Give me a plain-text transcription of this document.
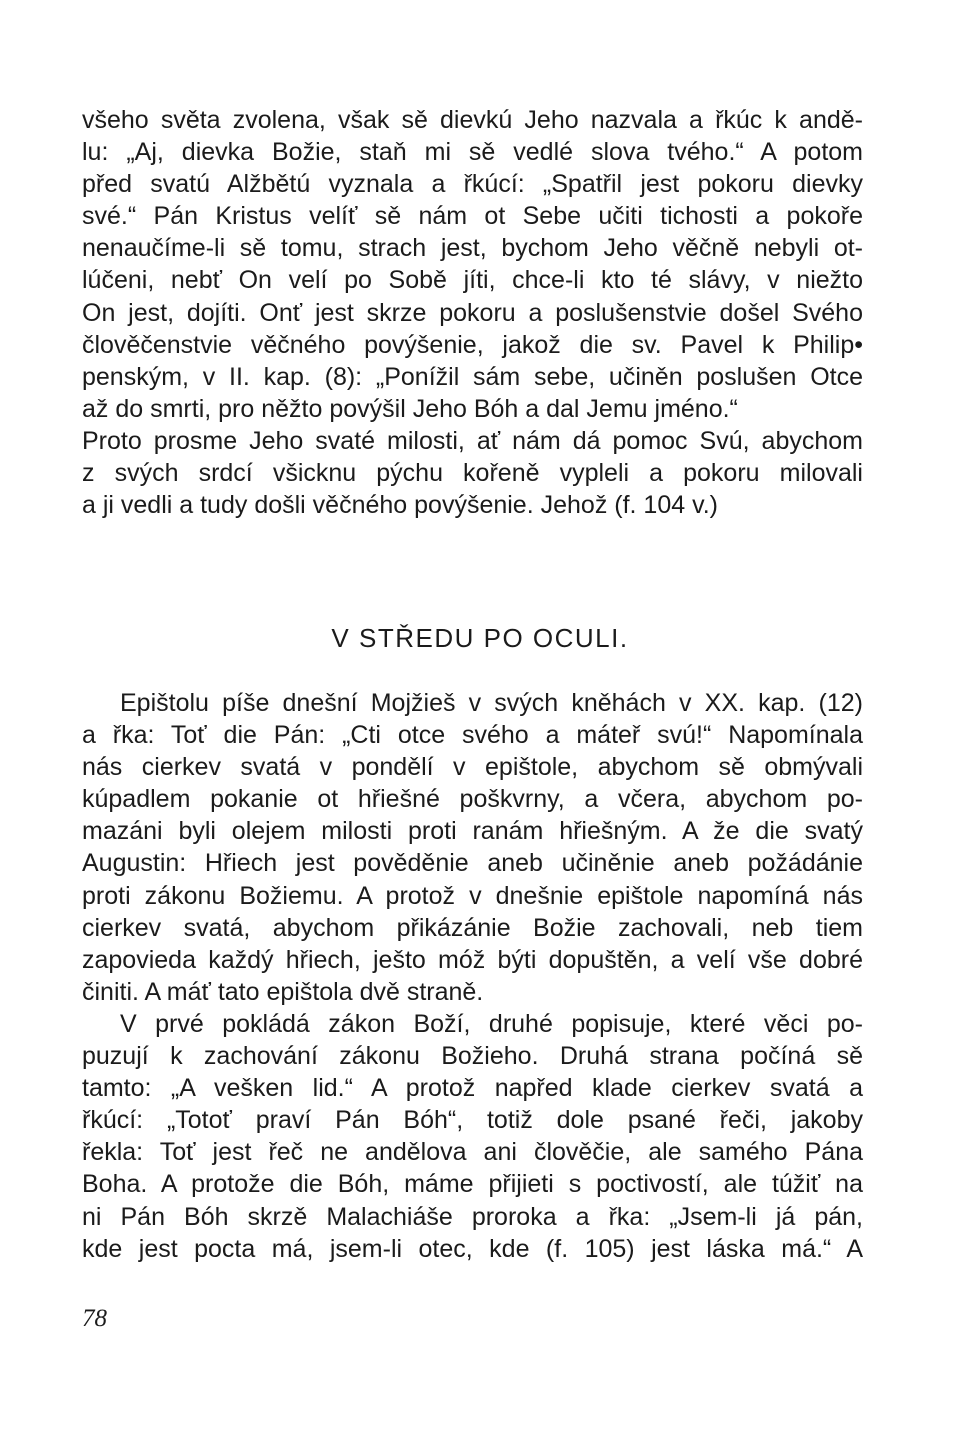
všeho světa zvolena, však sě dievkú Jeho nazvala a řkúc k andě-
lu: „Aj, dievka Božie, staň mi sě vedlé slova tvého.“ A potom
před svatú Alžbětú vyznala a řkúcí: „Spatřil jest pokoru dievky
své.“ Pán Kristus velíť sě nám ot Sebe učiti tichosti a pokoře
nenaučíme-li sě tomu, strach jest, bychom Jeho věčně nebyli ot-
lúčeni, nebť On velí po Sobě jíti, chce-li kto té slávy, v niežto
On jest, dojíti. Onť jest skrze pokoru a poslušenstvie došel Svého
člověčenstvie věčného povýšenie, jakož die sv. Pavel k Philip•
penským, v II. kap. (8): „Ponížil sám sebe, učiněn poslušen Otce
až do smrti, pro něžto povýšil Jeho Bóh a dal Jemu jméno.“
Proto prosme Jeho svaté milosti, ať nám dá pomoc Svú, abychom
z svých srdcí všicknu pýchu kořeně vypleli a pokoru milovali
a ji vedli a tudy došli věčného povýšenie. Jehož (f. 104 v.)
V STŘEDU PO OCULI.
Epištolu píše dnešní Mojžieš v svých kněhách v XX. kap. (12)
a řka: Toť die Pán: „Cti otce svého a máteř svú!“ Napomínala
nás cierkev svatá v pondělí v epištole, abychom sě obmývali
kúpadlem pokanie ot hřiešné poškvrny, a včera, abychom po-
mazáni byli olejem milosti proti ranám hřiešným. A že die svatý
Augustin: Hřiech jest pověděnie aneb učiněnie aneb požádánie
proti zákonu Božiemu. A protož v dnešnie epištole napomíná nás
cierkev svatá, abychom přikázánie Božie zachovali, neb tiem
zapovieda každý hřiech, ješto móž býti dopuštěn, a velí vše dobré
činiti. A máť tato epištola dvě straně.
V prvé pokládá zákon Boží, druhé popisuje, které věci po-
puzují k zachování zákonu Božieho. Druhá strana počíná sě
tamto: „A vešken lid.“ A protož napřed klade cierkev svatá a
řkúcí: „Totoť praví Pán Bóh“, totiž dole psané řeči, jakoby
řekla: Toť jest řeč ne andělova ani člověčie, ale samého Pána
Boha. A protože die Bóh, máme přijieti s poctivostí, ale túžiť na
ni Pán Bóh skrzě Malachiáše proroka a řka: „Jsem-li já pán,
kde jest pocta má, jsem-li otec, kde (f. 105) jest láska má.“ A
78
